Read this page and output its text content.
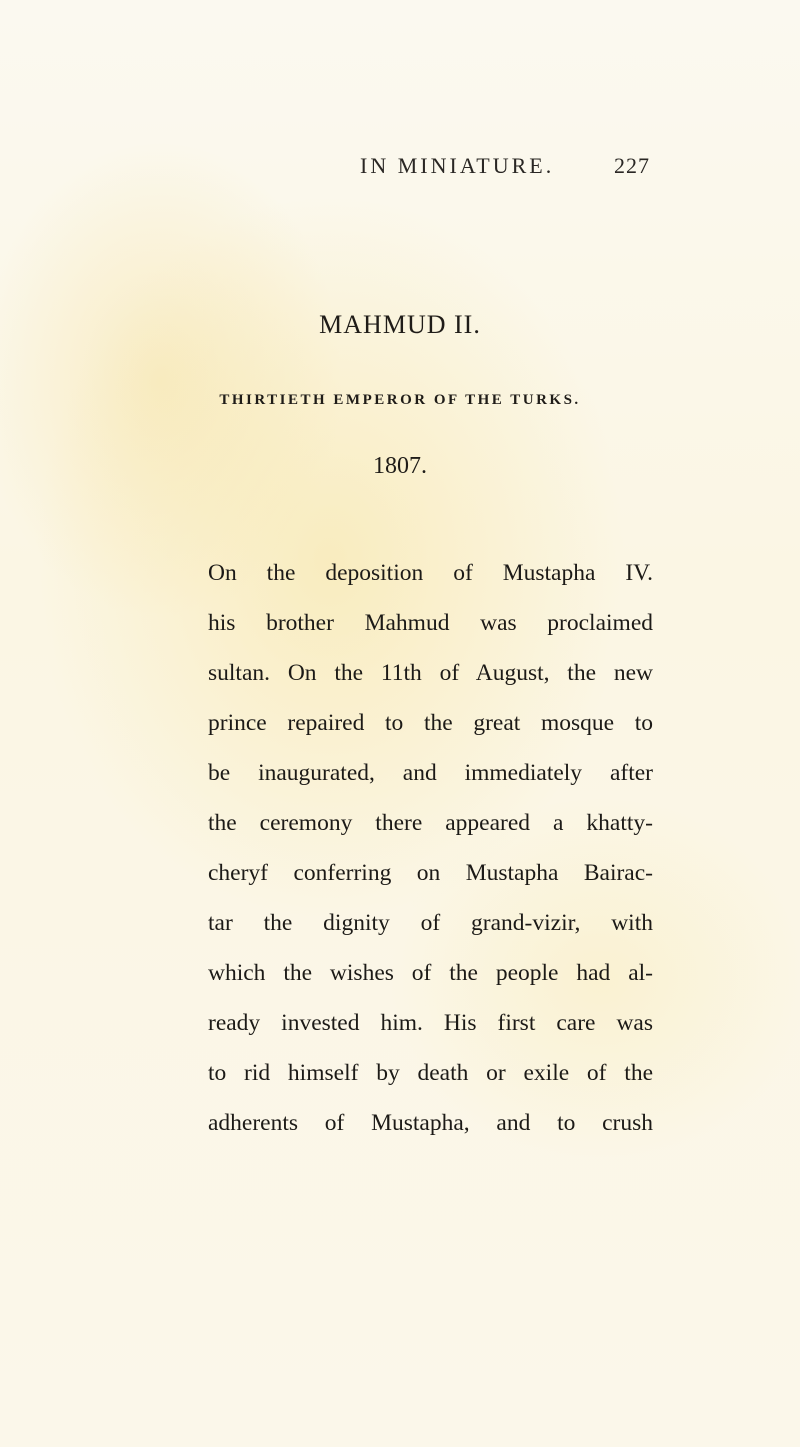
IN MINIATURE.	227
MAHMUD II.
THIRTIETH EMPEROR OF THE TURKS.
1807.
On the deposition of Mustapha IV.
his brother Mahmud was proclaimed
sultan. On the 11th of August, the new
prince repaired to the great mosque to
be inaugurated, and immediately after
the ceremony there appeared a khatty-
cheryf conferring on Mustapha Bairac-
tar the dignity of grand-vizir, with
which the wishes of the people had al-
ready invested him. His first care was
to rid himself by death or exile of the
adherents of Mustapha, and to crush
